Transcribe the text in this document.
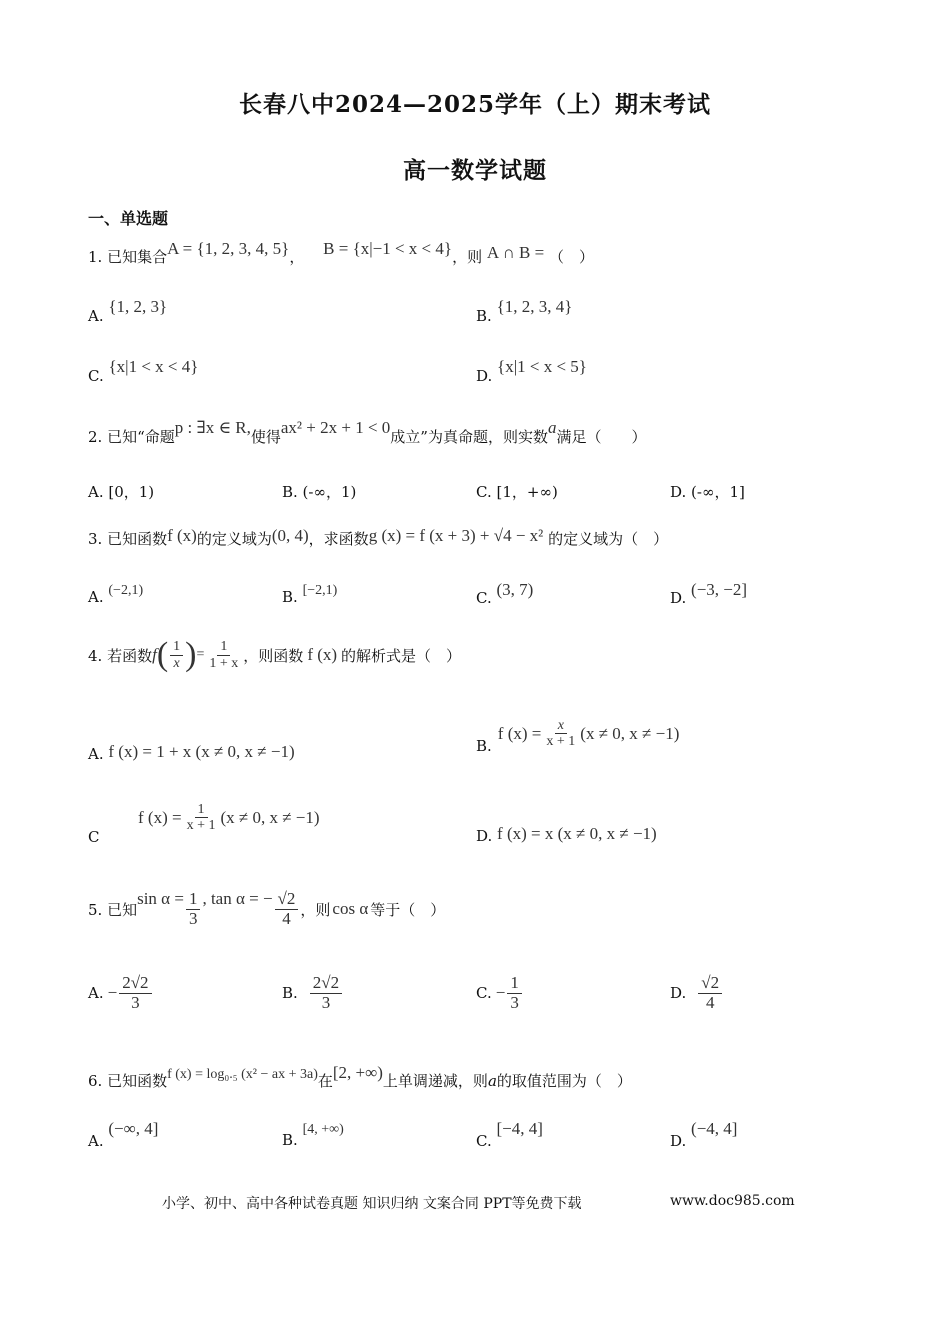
长春八中2024—2025学年（上）期末考试
高一数学试题
一、单选题
1. 已知集合A = {1, 2, 3, 4, 5}， B = {x|−1 < x < 4}，则 A ∩ B = （　）
A. {1, 2, 3}	B. {1, 2, 3, 4}
C. {x|1 < x < 4}	D. {x|1 < x < 5}
2. 已知“命题p : ∃x ∈ R,使得ax² + 2x + 1 < 0成立”为真命题，则实数a满足（　　）
A. [0，1)	B. (-∞，1)	C. [1，+∞)	D. (-∞，1]
3. 已知函数f (x)的定义域为(0, 4)，求函数g (x) = f (x + 3) + √4 − x² 的定义域为（　）
A. (−2,1)	B. [−2,1)	C. (3, 7)	D. (−3, −2]
4. 若函数 f ( $\frac{1}{x}$ ) = $\frac{1}{1 + x}$ ，则函数 f (x) 的解析式是（　）
A. f (x) = 1 + x (x ≠ 0, x ≠ −1)	B.
f $(x) = \frac{x}{x + 1} (x \ne 0$, x ≠ −1)
C
f $(x) = \frac{1}{x + 1} (x \ne 0$, x ≠ −1)
D. f (x) = x (x ≠ 0, x ≠ −1)
5. 已知
$\sin \alpha = \frac{1}{3}$ , tan α = − $\frac{√2}{4}$ ，则 cos α 等于（　）
A. − $\frac{2√2}{3}$	B. $\frac{2√2}{3}$	C. − $\frac{1}{3}$	D. $\frac{√2}{4}$
6. 已知函数f (x) = log₀.₅ (x² − ax + 3a)在[2, +∞)上单调递减，则a的取值范围为（　）
A. (−∞, 4]
B. [4, +∞)
C. [−4, 4]
D. (−4, 4]
小学、初中、高中各种试卷真题 知识归纳 文案合同 PPT等免费下载	www.doc985.com
